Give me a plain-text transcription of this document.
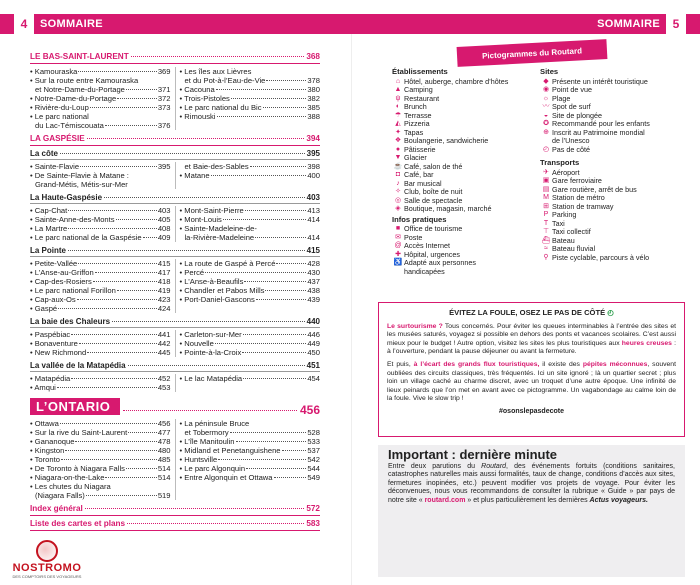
4	SOMMAIRE	SOMMAIRE	5
LE BAS-SAINT-LAURENT	368
• Kamouraska	369
• Sur la route entre Kamouraska
et Notre-Dame-du-Portage	371
• Notre-Dame-du-Portage	372
• Rivière-du-Loup	373
• Le parc national
du Lac-Témiscouata	376
• Les îles aux Lièvres
et du Pot-à-l’Eau-de-Vie	378
• Cacouna	380
• Trois-Pistoles	382
• Le parc national du Bic	385
• Rimouski	388
LA GASPÉSIE	394
La côte	395
• Sainte-Flavie	395
• De Sainte-Flavie à Matane :
Grand-Métis, Métis-sur-Mer
et Baie-des-Sables	398
• Matane	400
La Haute-Gaspésie	403
• Cap-Chat	403
• Sainte-Anne-des-Monts	405
• La Martre	408
• Le parc national de la Gaspésie 409
• Mont-Saint-Pierre	413
• Mont-Louis	414
• Sainte-Madeleine-de-
la-Rivière-Madeleine	414
La Pointe	415
• Petite-Vallée	415
• L’Anse-au-Griffon	417
• Cap-des-Rosiers	418
• Le parc national Forillon	419
• Cap-aux-Os	423
• Gaspé	424
• La route de Gaspé à Percé	428
• Percé	430
• L’Anse-à-Beaufils	437
• Chandler et Pabos Mills	438
• Port-Daniel-Gascons	439
La baie des Chaleurs	440
• Paspébiac	441
• Bonaventure	442
• New Richmond	445
• Carleton-sur-Mer	446
• Nouvelle	449
• Pointe-à-la-Croix	450
La vallée de la Matapédia	451
• Matapédia	452
• Amqui	453
• Le lac Matapédia	454
L’ONTARIO	456
• Ottawa	456
• Sur la rive du Saint-Laurent	477
• Gananoque	478
• Kingston	480
• Toronto	485
• De Toronto à Niagara Falls	514
• Niagara-on-the-Lake	514
• Les chutes du Niagara
(Niagara Falls)	519
• La péninsule Bruce
et Tobermory	528
• L’île Manitoulin	533
• Midland et Penetanguishene	537
• Huntsville	542
• Le parc Algonquin	544
• Entre Algonquin et Ottawa	549
Index général	572
Liste des cartes et plans	583
NOSTROMO
DES COMPTOIRS DES VOYAGEURS
Pictogrammes du Routard
Établissements
⌂ Hôtel, auberge, chambre d’hôtes
▲ Camping
ψ Restaurant
◐ Brunch
☂ Terrasse
◭ Pizzeria
✦ Tapas
❖ Boulangerie, sandwicherie
● Pâtisserie
▼ Glacier
☕ Café, salon de thé
◘ Café, bar
♪ Bar musical
✧ Club, boîte de nuit
◎ Salle de spectacle
◈ Boutique, magasin, marché
Infos pratiques
■ Office de tourisme
✉ Poste
@ Accès Internet
✚ Hôpital, urgences
♿ Adapté aux personnes
handicapées
Sites
◆ Présente un intérêt touristique
◉ Point de vue
☼ Plage
〰 Spot de surf
◒ Site de plongée
✪ Recommandé pour les enfants
⊕ Inscrit au Patrimoine mondial
de l’Unesco
◴ Pas de côté
Transports
✈ Aéroport
▣ Gare ferroviaire
▤ Gare routière, arrêt de bus
M Station de métro
⊞ Station de tramway
P Parking
T Taxi
⊤ Taxi collectif
⛴ Bateau
≈ Bateau fluvial
⚲ Piste cyclable, parcours à vélo
ÉVITEZ LA FOULE, OSEZ LE PAS DE CÔTÉ ◴

Le surtourisme ? Tous concernés. Pour éviter les queues interminables à l’entrée des sites et les musées saturés, voyagez si possible en dehors des ponts et vacances scolaires. C’est aussi mieux pour le budget ! Autre option, visitez les sites les plus touristiques aux heures creuses : à l’ouverture, pendant la pause déjeuner ou avant la fermeture.

Et puis, à l’écart des grands flux touristiques, il existe des pépites méconnues, souvent oubliées des circuits classiques, très fréquentés. Ici un site ignoré ; là un quartier secret ; plus loin un village caché au charme discret, avec un troquet d’une autre époque. Une infinité de lieux peinards que l’on met en avant avec ce pictogramme. Un vagabondage au calme loin de la foule. Vive le slow trip !

#osonslepasdecote
Important : dernière minute

Entre deux parutions du Routard, des événements fortuits (conditions sanitaires, catastrophes naturelles mais aussi formalités, taux de change, conditions d’accès aux sites, fermetures inopinées, etc.) peuvent modifier vos projets de voyage. Pour éviter les déconvenues, nous vous recommandons de consulter la rubrique « Guide » par pays de notre site « routard.com » et plus particulièrement les dernières Actus voyageurs.
